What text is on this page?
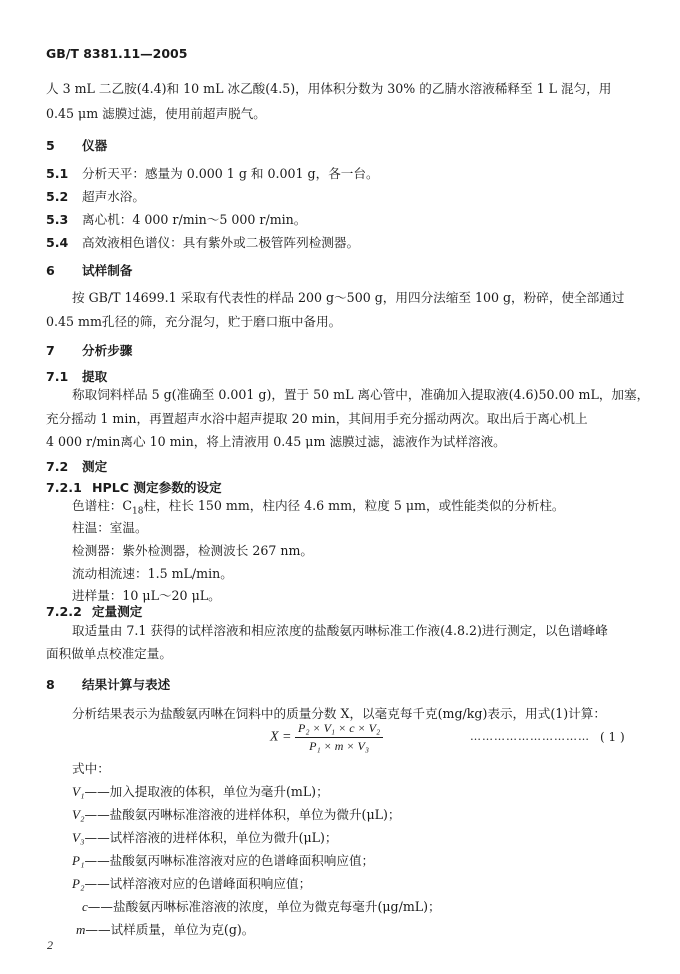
GB/T 8381.11—2005
人 3 mL 二乙胺(4.4)和 10 mL 冰乙酸(4.5)，用体积分数为 30% 的乙腈水溶液稀释至 1 L 混匀，用
0.45 μm 滤膜过滤，使用前超声脱气。
5 仪器
5.1 分析天平：感量为 0.000 1 g 和 0.001 g，各一台。
5.2 超声水浴。
5.3 离心机：4 000 r/min～5 000 r/min。
5.4 高效液相色谱仪：具有紫外或二极管阵列检测器。
6 试样制备
按 GB/T 14699.1 采取有代表性的样品 200 g～500 g，用四分法缩至 100 g，粉碎，使全部通过
0.45 mm孔径的筛，充分混匀，贮于磨口瓶中备用。
7 分析步骤
7.1 提取
称取饲料样品 5 g(准确至 0.001 g)，置于 50 mL 离心管中，准确加入提取液(4.6)50.00 mL，加塞，
充分摇动 1 min，再置超声水浴中超声提取 20 min，其间用手充分摇动两次。取出后于离心机上
4 000 r/min离心 10 min，将上清液用 0.45 μm 滤膜过滤，滤液作为试样溶液。
7.2 测定
7.2.1 HPLC 测定参数的设定
色谱柱：$C_{18}$柱，柱长 150 mm，柱内径 4.6 mm，粒度 5 μm，或性能类似的分析柱。
柱温：室温。
检测器：紫外检测器，检测波长 267 nm。
流动相流速：1.5 mL/min。
进样量：10 μL～20 μL。
7.2.2 定量测定
取适量由 7.1 获得的试样溶液和相应浓度的盐酸氨丙啉标准工作液(4.8.2)进行测定，以色谱峰峰
面积做单点校准定量。
8 结果计算与表述
分析结果表示为盐酸氨丙啉在饲料中的质量分数 X，以毫克每千克(mg/kg)表示，用式(1)计算：
$X = \frac{\text{P₂ × V₁ × c × V₂}}{\text{P₁ × m × V₃}}$	………………………… ( 1 )
式中：
V₁——加入提取液的体积，单位为毫升(mL)；
V₂——盐酸氨丙啉标准溶液的进样体积，单位为微升(μL)；
V₃——试样溶液的进样体积，单位为微升(μL)；
P₁——盐酸氨丙啉标准溶液对应的色谱峰面积响应值；
P₂——试样溶液对应的色谱峰面积响应值；
c——盐酸氨丙啉标准溶液的浓度，单位为微克每毫升(μg/mL)；
m——试样质量，单位为克(g)。
2
